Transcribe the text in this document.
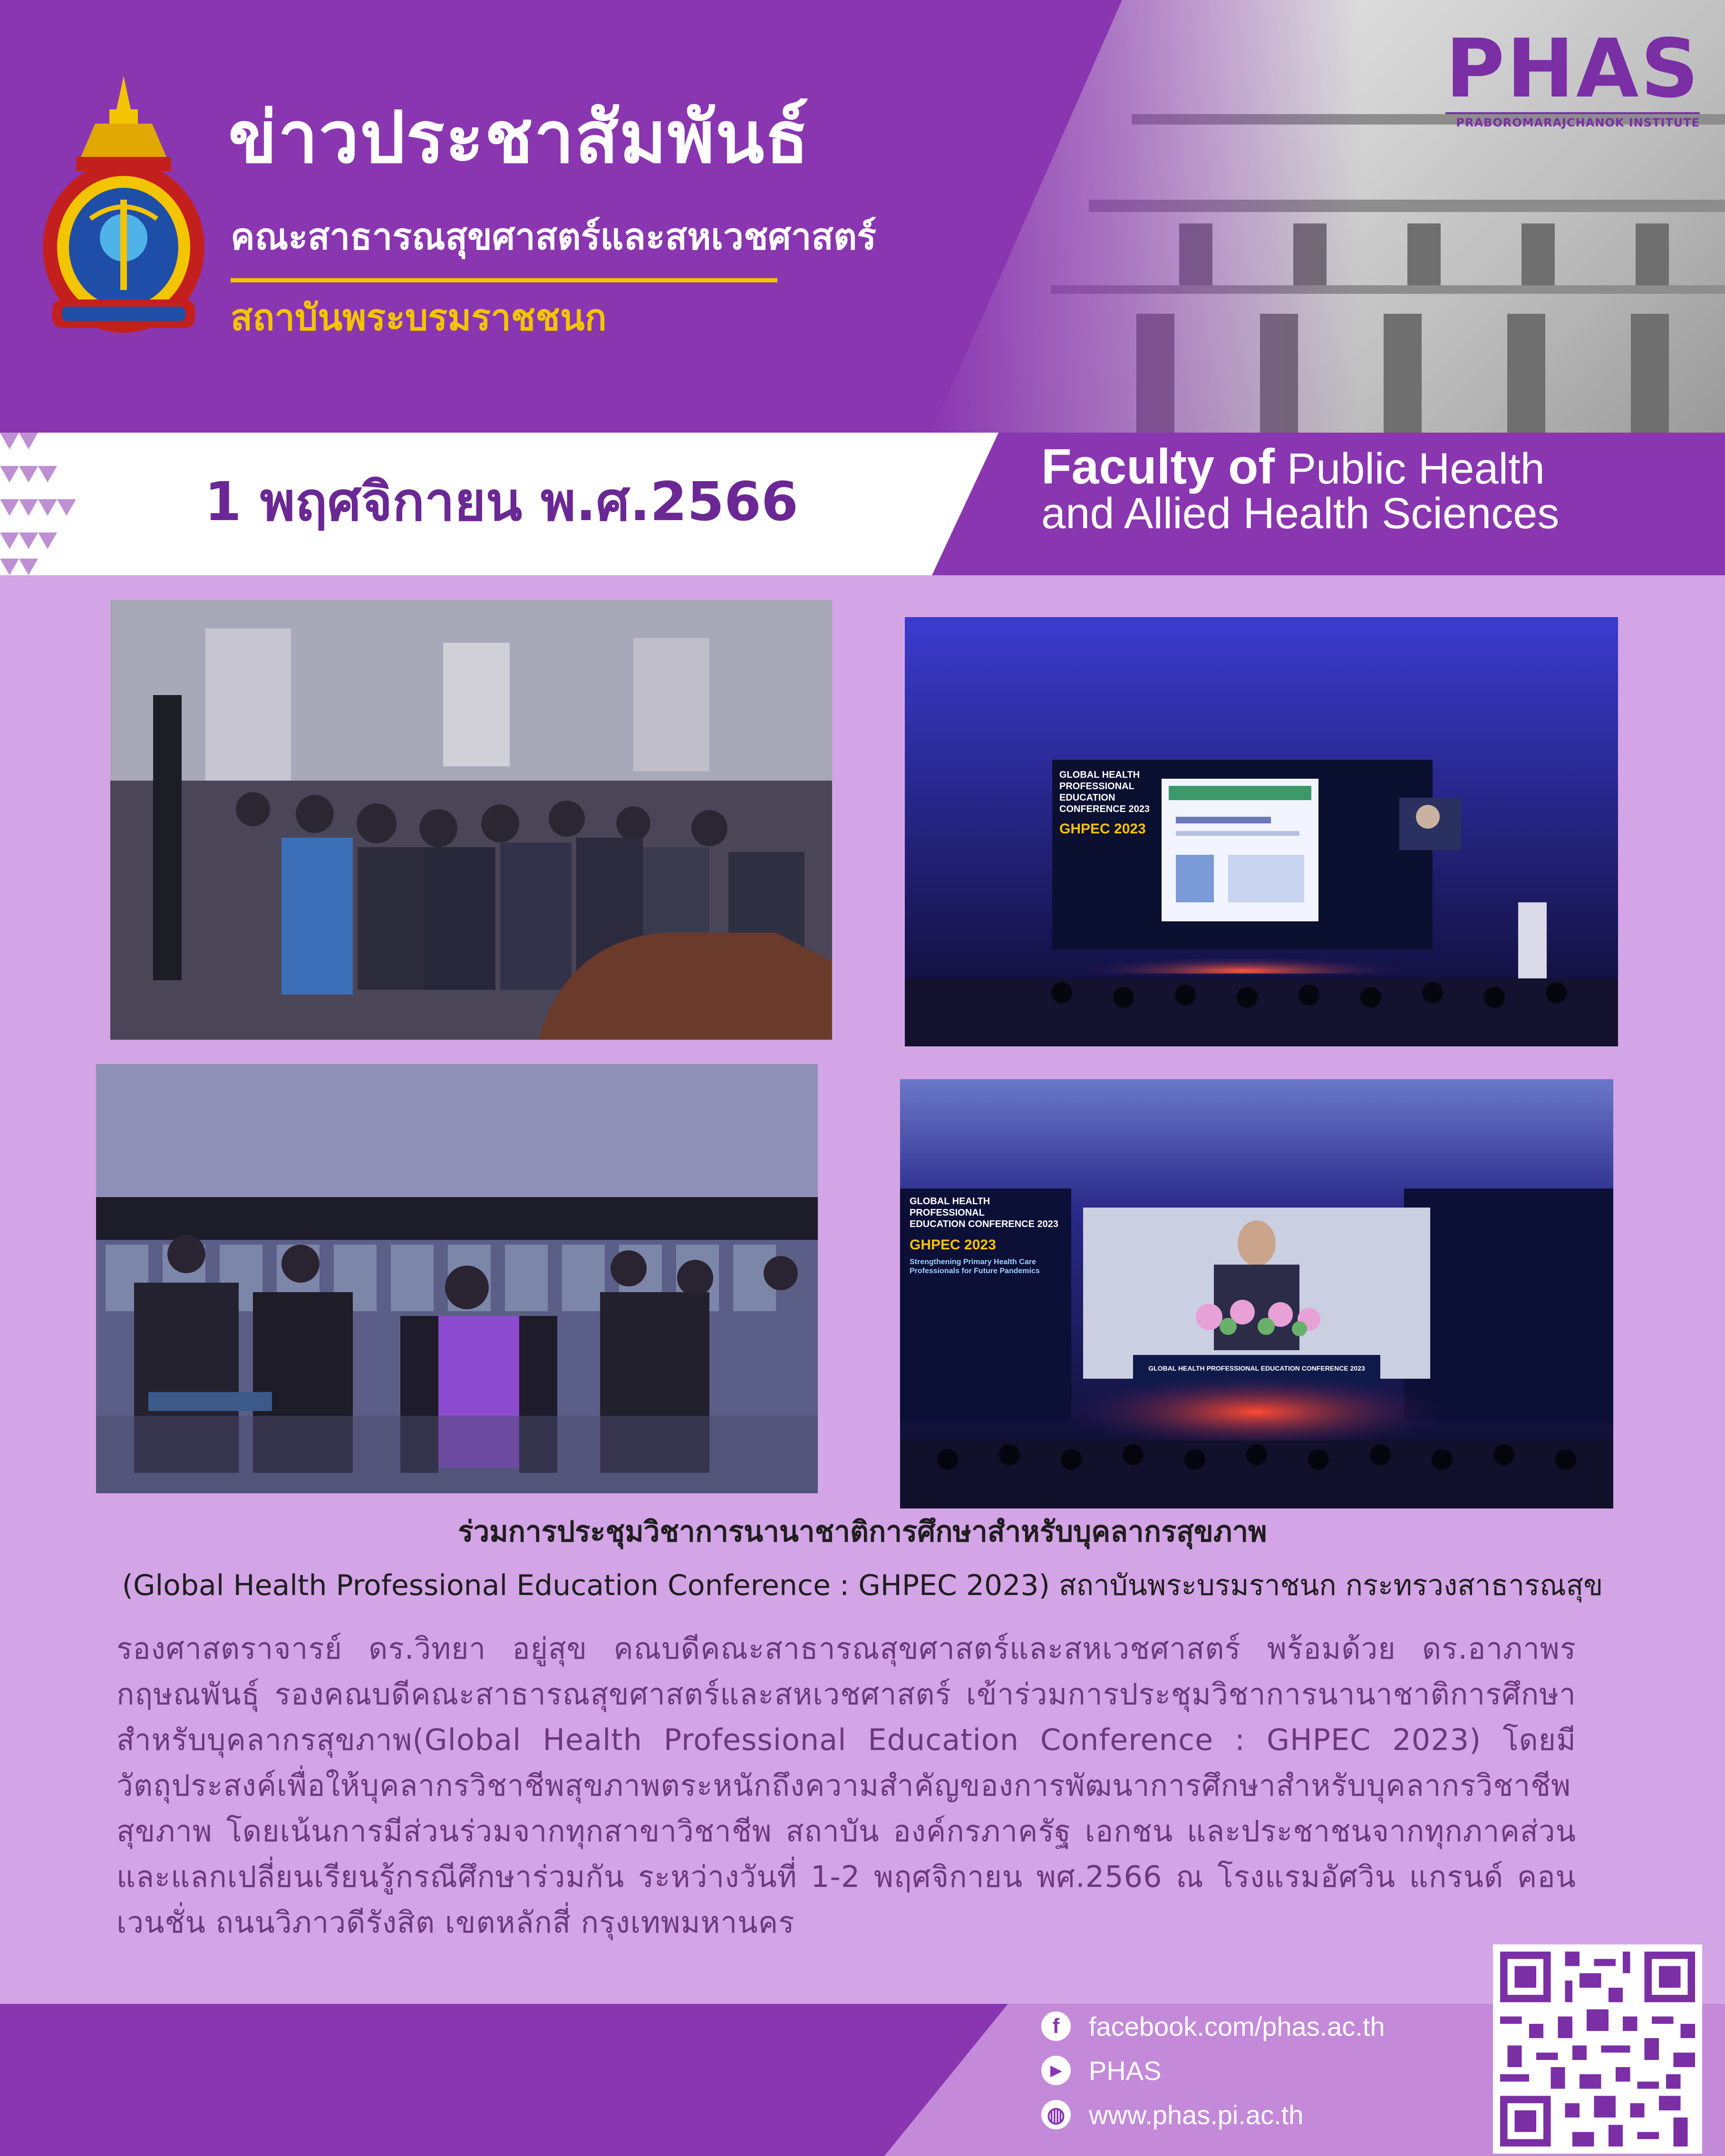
ข่าวประชาสัมพันธ์
คณะสาธารณสุขศาสตร์และสหเวชศาสตร์
สถาบันพระบรมราชชนก
PHAS
PRABOROMARAJCHANOK INSTITUTE
1 พฤศจิกายน พ.ศ.2566
Faculty of Public Health
and Allied Health Sciences
GLOBAL HEALTH PROFESSIONAL
EDUCATION CONFERENCE 2023
GHPEC 2023
GLOBAL HEALTH PROFESSIONAL
EDUCATION CONFERENCE 2023
GHPEC 2023
Strengthening Primary Health Care Professionals for Future Pandemics
GLOBAL HEALTH PROFESSIONAL EDUCATION CONFERENCE 2023
ร่วมการประชุมวิชาการนานาชาติการศึกษาสำหรับบุคลากรสุขภาพ
(Global Health Professional Education Conference : GHPEC 2023) สถาบันพระบรมราชนก กระทรวงสาธารณสุข
รองศาสตราจารย์ ดร.วิทยา อยู่สุข คณบดีคณะสาธารณสุขศาสตร์และสหเวชศาสตร์ พร้อมด้วย ดร.อาภาพร กฤษณพันธุ์ รองคณบดีคณะสาธารณสุขศาสตร์และสหเวชศาสตร์ เข้าร่วมการประชุมวิชาการนานาชาติการศึกษาสำหรับบุคลากรสุขภาพ(Global Health Professional Education Conference : GHPEC 2023) โดยมีวัตถุประสงค์เพื่อให้บุคลากรวิชาชีพสุขภาพตระหนักถึงความสำคัญของการพัฒนาการศึกษาสำหรับบุคลากรวิชาชีพสุขภาพ โดยเน้นการมีส่วนร่วมจากทุกสาขาวิชาชีพ สถาบัน องค์กรภาครัฐ เอกชน และประชาชนจากทุกภาคส่วน และแลกเปลี่ยนเรียนรู้กรณีศึกษาร่วมกัน ระหว่างวันที่ 1-2 พฤศจิกายน พศ.2566 ณ โรงแรมอัศวิน แกรนด์ คอนเวนชั่น ถนนวิภาวดีรังสิต เขตหลักสี่ กรุงเทพมหานคร
f	facebook.com/phas.ac.th
▶	PHAS
◍ www.phas.pi.ac.th
